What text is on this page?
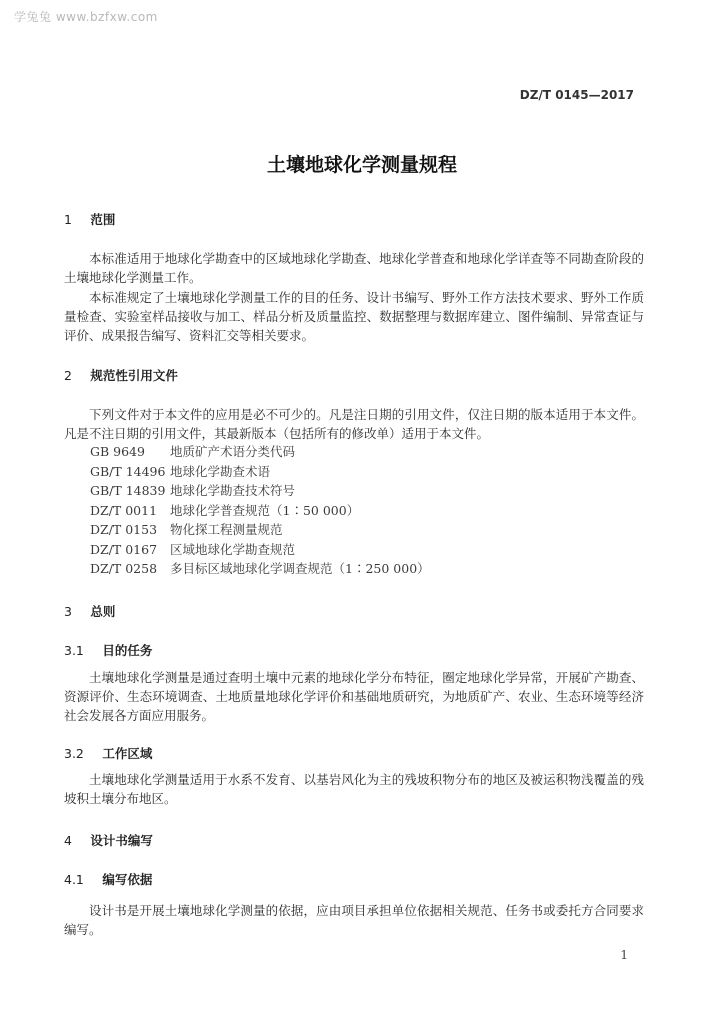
学兔兔 www.bzfxw.com
DZ/T 0145—2017
土壤地球化学测量规程
1 范围
本标准适用于地球化学勘查中的区域地球化学勘查、地球化学普查和地球化学详查等不同勘查阶段的土壤地球化学测量工作。
本标准规定了土壤地球化学测量工作的目的任务、设计书编写、野外工作方法技术要求、野外工作质量检查、实验室样品接收与加工、样品分析及质量监控、数据整理与数据库建立、图件编制、异常查证与评价、成果报告编写、资料汇交等相关要求。
2 规范性引用文件
下列文件对于本文件的应用是必不可少的。凡是注日期的引用文件，仅注日期的版本适用于本文件。凡是不注日期的引用文件，其最新版本（包括所有的修改单）适用于本文件。
GB 9649 地质矿产术语分类代码
GB/T 14496 地球化学勘查术语
GB/T 14839 地球化学勘查技术符号
DZ/T 0011 地球化学普查规范（1∶50 000）
DZ/T 0153 物化探工程测量规范
DZ/T 0167 区域地球化学勘查规范
DZ/T 0258 多目标区域地球化学调查规范（1∶250 000）
3 总则
3.1 目的任务
土壤地球化学测量是通过查明土壤中元素的地球化学分布特征，圈定地球化学异常，开展矿产勘查、资源评价、生态环境调查、土地质量地球化学评价和基础地质研究，为地质矿产、农业、生态环境等经济社会发展各方面应用服务。
3.2 工作区域
土壤地球化学测量适用于水系不发育、以基岩风化为主的残坡积物分布的地区及被运积物浅覆盖的残坡积土壤分布地区。
4 设计书编写
4.1 编写依据
设计书是开展土壤地球化学测量的依据，应由项目承担单位依据相关规范、任务书或委托方合同要求编写。
1
